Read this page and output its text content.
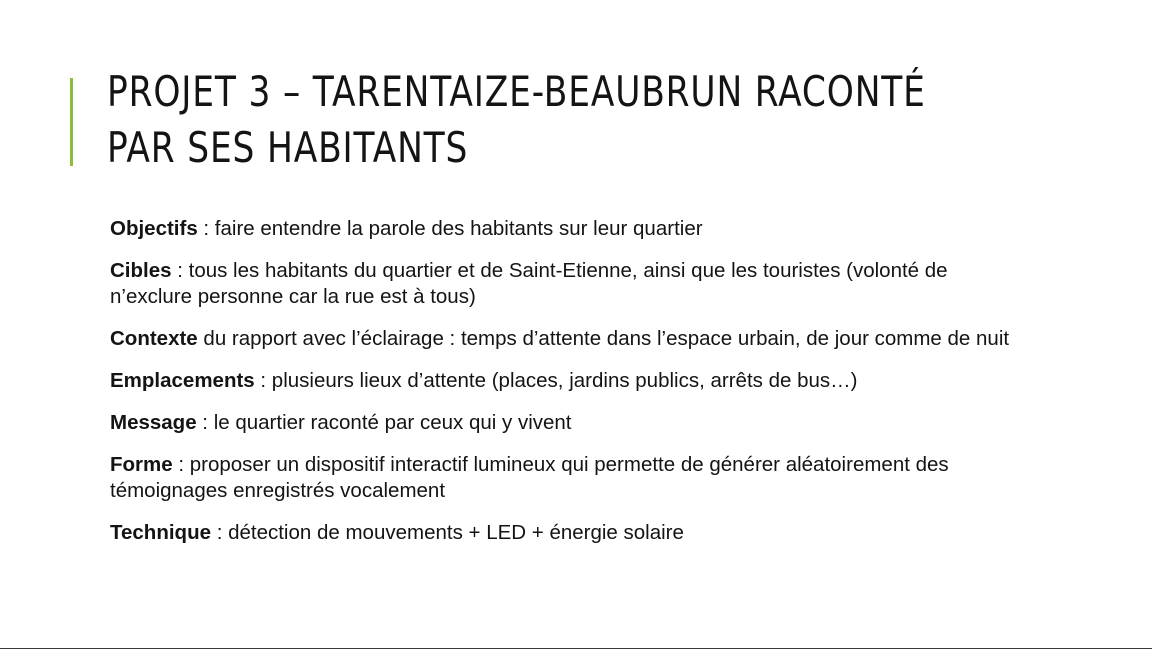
PROJET 3 – TARENTAIZE-BEAUBRUN RACONTÉ
PAR SES HABITANTS

Objectifs : faire entendre la parole des habitants sur leur quartier

Cibles : tous les habitants du quartier et de Saint-Etienne, ainsi que les touristes (volonté de n’exclure personne car la rue est à tous)

Contexte du rapport avec l’éclairage : temps d’attente dans l’espace urbain, de jour comme de nuit

Emplacements : plusieurs lieux d’attente (places, jardins publics, arrêts de bus…)

Message : le quartier raconté par ceux qui y vivent

Forme : proposer un dispositif interactif lumineux qui permette de générer aléatoirement des témoignages enregistrés vocalement

Technique : détection de mouvements + LED + énergie solaire
